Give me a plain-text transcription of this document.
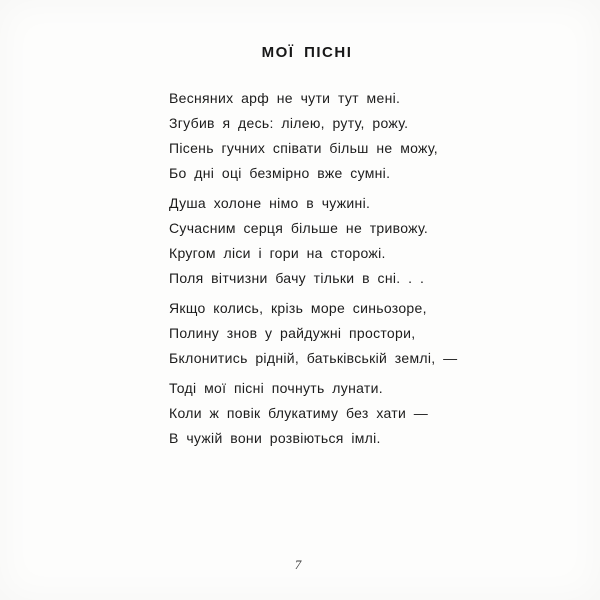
МОЇ ПІСНІ

Весняних арф не чути тут мені.

Згубив я десь: лілею, руту, рожу.

Пісень гучних співати більш не можу,

Бо дні оці безмірно вже сумні.

Душа холоне німо в чужині.

Сучасним серця більше не тривожу.

Кругом ліси і гори на сторожі.

Поля вітчизни бачу тільки в сні. . .

Якщо колись, крізь море синьозоре,

Полину знов у райдужні простори,

Бклонитись рідній, батьківській землі, —

Тоді мої пісні почнуть лунати.

Коли ж повік блукатиму без хати —

В чужій вони розвіються імлі.

7
